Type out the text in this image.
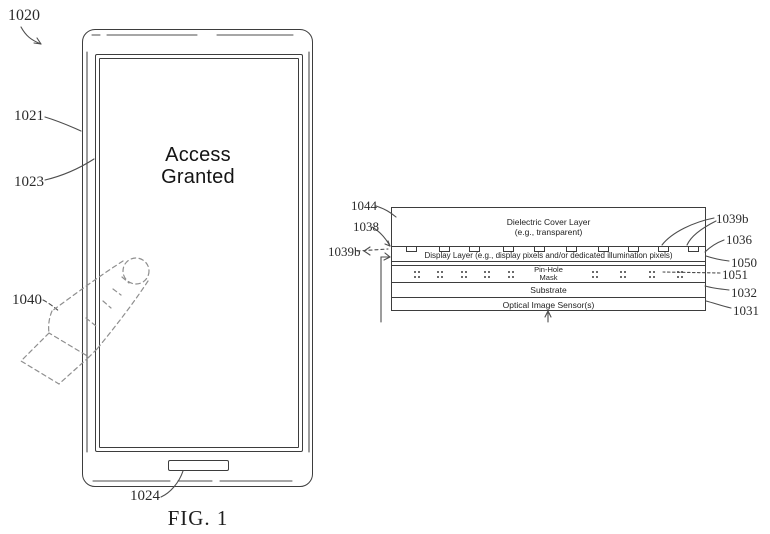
Access
Granted
1020
1021
1023
1040
1024
FIG. 1
Dielectric Cover Layer
(e.g., transparent)
Display Layer (e.g., display pixels and/or dedicated illumination pixels)
Pin-Hole
Mask
Substrate
Optical Image Sensor(s)
1044
1038
1039b
1039b
1036
1050
1051
1032
1031
